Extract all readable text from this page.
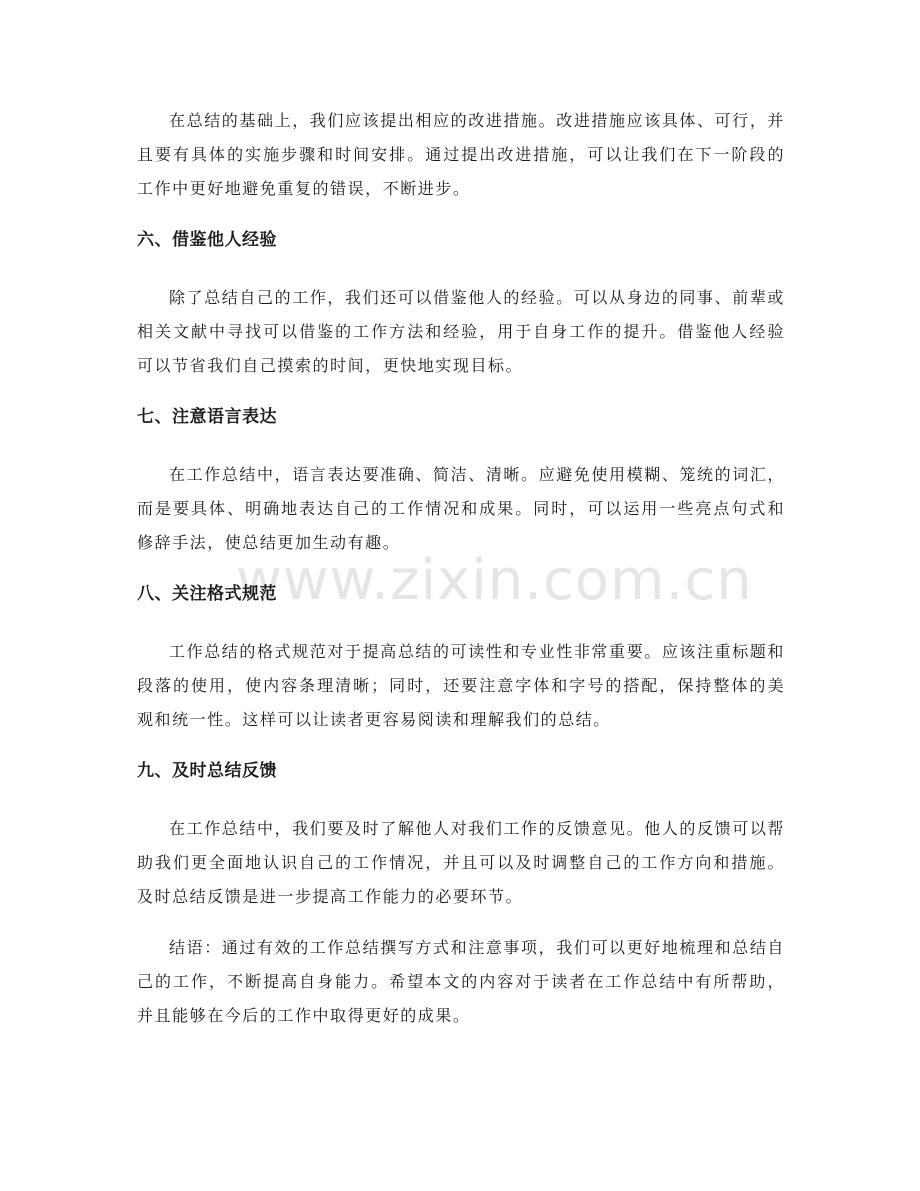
在总结的基础上，我们应该提出相应的改进措施。改进措施应该具体、可行，并且要有具体的实施步骤和时间安排。通过提出改进措施，可以让我们在下一阶段的工作中更好地避免重复的错误，不断进步。

六、借鉴他人经验

除了总结自己的工作，我们还可以借鉴他人的经验。可以从身边的同事、前辈或相关文献中寻找可以借鉴的工作方法和经验，用于自身工作的提升。借鉴他人经验可以节省我们自己摸索的时间，更快地实现目标。

七、注意语言表达

在工作总结中，语言表达要准确、简洁、清晰。应避免使用模糊、笼统的词汇，而是要具体、明确地表达自己的工作情况和成果。同时，可以运用一些亮点句式和修辞手法，使总结更加生动有趣。

八、关注格式规范

工作总结的格式规范对于提高总结的可读性和专业性非常重要。应该注重标题和段落的使用，使内容条理清晰；同时，还要注意字体和字号的搭配，保持整体的美观和统一性。这样可以让读者更容易阅读和理解我们的总结。

九、及时总结反馈

在工作总结中，我们要及时了解他人对我们工作的反馈意见。他人的反馈可以帮助我们更全面地认识自己的工作情况，并且可以及时调整自己的工作方向和措施。及时总结反馈是进一步提高工作能力的必要环节。

结语：通过有效的工作总结撰写方式和注意事项，我们可以更好地梳理和总结自己的工作，不断提高自身能力。希望本文的内容对于读者在工作总结中有所帮助，并且能够在今后的工作中取得更好的成果。

www.zixin.com.cn
